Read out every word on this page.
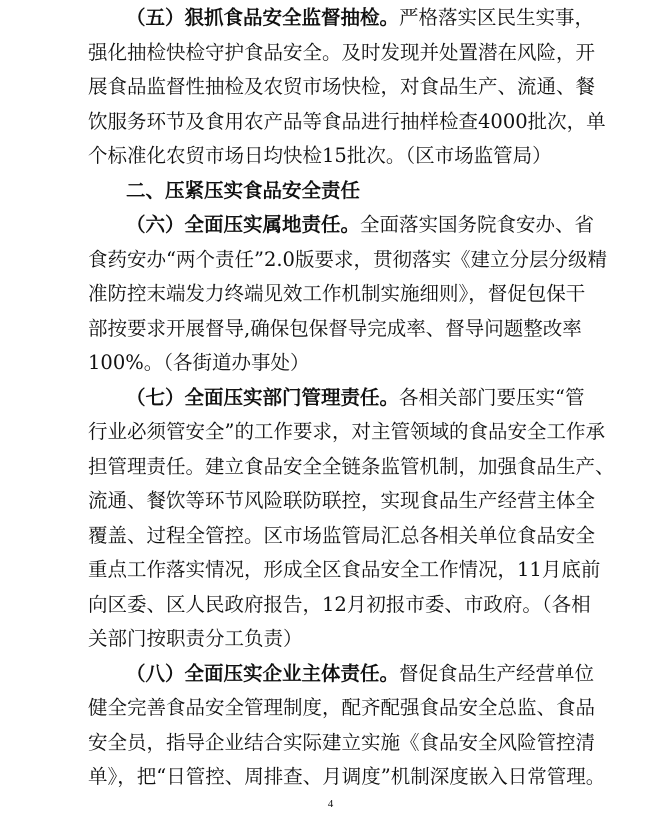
（五）狠抓食品安全监督抽检。严格落实区民生实事，
强化抽检快检守护食品安全。及时发现并处置潜在风险，开
展食品监督性抽检及农贸市场快检，对食品生产、流通、餐
饮服务环节及食用农产品等食品进行抽样检查4000批次，单
个标准化农贸市场日均快检15批次。（区市场监管局）
二、压紧压实食品安全责任
（六）全面压实属地责任。全面落实国务院食安办、省
食药安办“两个责任”2.0版要求，贯彻落实《建立分层分级精
准防控末端发力终端见效工作机制实施细则》，督促包保干
部按要求开展督导,确保包保督导完成率、督导问题整改率
100%。（各街道办事处）
（七）全面压实部门管理责任。各相关部门要压实“管
行业必须管安全”的工作要求，对主管领域的食品安全工作承
担管理责任。建立食品安全全链条监管机制，加强食品生产、
流通、餐饮等环节风险联防联控，实现食品生产经营主体全
覆盖、过程全管控。区市场监管局汇总各相关单位食品安全
重点工作落实情况，形成全区食品安全工作情况，11月底前
向区委、区人民政府报告，12月初报市委、市政府。（各相
关部门按职责分工负责）
（八）全面压实企业主体责任。督促食品生产经营单位
健全完善食品安全管理制度，配齐配强食品安全总监、食品
4
安全员，指导企业结合实际建立实施《食品安全风险管控清
单》，把“日管控、周排查、月调度”机制深度嵌入日常管理。
